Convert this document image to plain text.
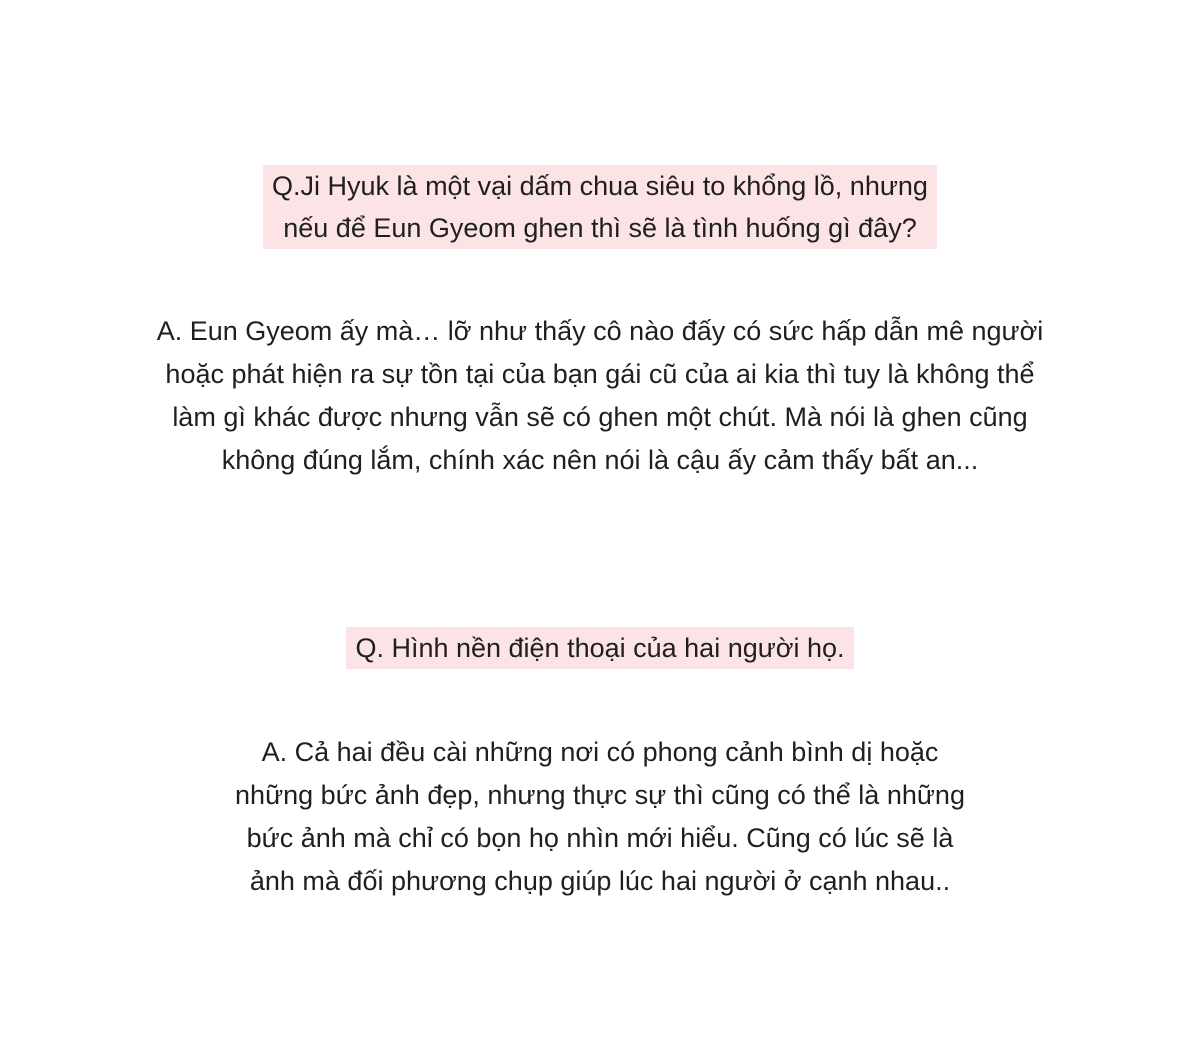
Q.Ji Hyuk là một vại dấm chua siêu to khổng lồ, nhưng
nếu để Eun Gyeom ghen thì sẽ là tình huống gì đây?
A. Eun Gyeom ấy mà… lỡ như thấy cô nào đấy có sức hấp dẫn mê người
hoặc phát hiện ra sự tồn tại của bạn gái cũ của ai kia thì tuy là không thể
làm gì khác được nhưng vẫn sẽ có ghen một chút. Mà nói là ghen cũng
không đúng lắm, chính xác nên nói là cậu ấy cảm thấy bất an...
Q. Hình nền điện thoại của hai người họ.
A. Cả hai đều cài những nơi có phong cảnh bình dị hoặc
những bức ảnh đẹp, nhưng thực sự thì cũng có thể là những
bức ảnh mà chỉ có bọn họ nhìn mới hiểu. Cũng có lúc sẽ là
ảnh mà đối phương chụp giúp lúc hai người ở cạnh nhau..
